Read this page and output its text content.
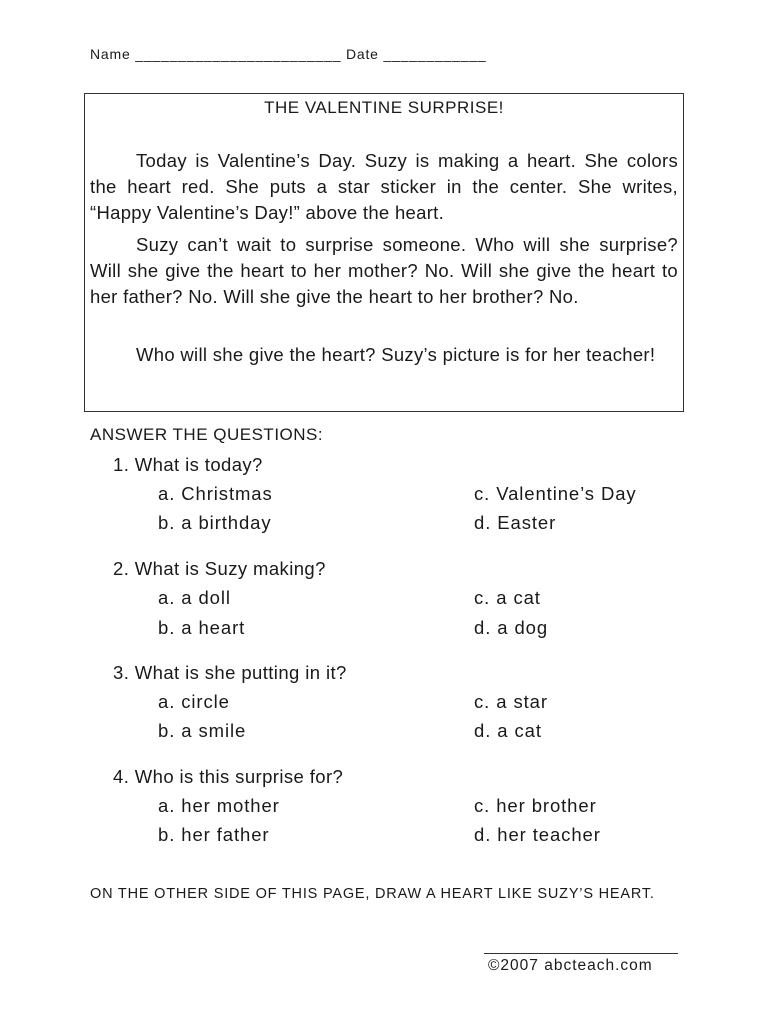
Name ________________________ Date ____________
THE VALENTINE SURPRISE!

Today is Valentine’s Day. Suzy is making a heart. She colors the heart red. She puts a star sticker in the center. She writes, “Happy Valentine’s Day!” above the heart.

Suzy can’t wait to surprise someone. Who will she surprise? Will she give the heart to her mother? No. Will she give the heart to her father? No. Will she give the heart to her brother? No.

Who will she give the heart? Suzy’s picture is for her teacher!

ANSWER THE QUESTIONS:
1. What is today?
a. Christmas
b. a birthday
c. Valentine’s Day
d. Easter
2. What is Suzy making?
a. a doll
b. a heart
c. a cat
d. a dog
3. What is she putting in it?
a. circle
b. a smile
c. a star
d. a cat
4. Who is this surprise for?
a. her mother
b. her father
c. her brother
d. her teacher
ON THE OTHER SIDE OF THIS PAGE, DRAW A HEART LIKE SUZY’S HEART.
©2007 abcteach.com
